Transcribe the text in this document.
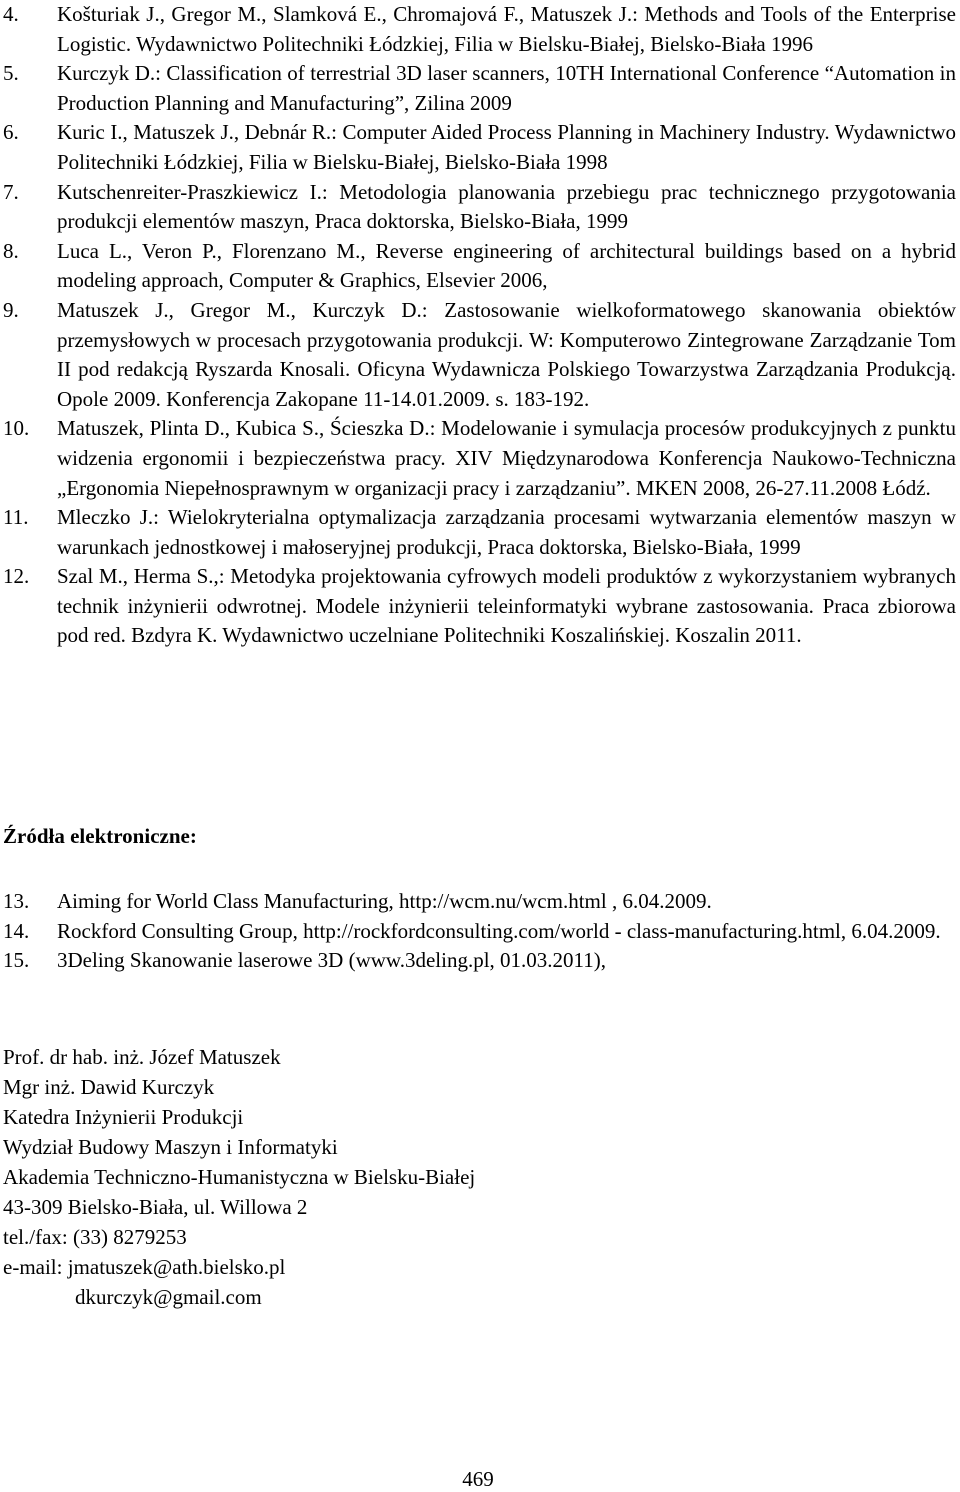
4. Košturiak J., Gregor M., Slamková E., Chromajová F., Matuszek J.: Methods and Tools of the Enterprise Logistic. Wydawnictwo Politechniki Łódzkiej, Filia w Bielsku-Białej, Bielsko-Biała 1996
5. Kurczyk D.: Classification of terrestrial 3D laser scanners, 10TH International Conference “Automation in Production Planning and Manufacturing”, Zilina 2009
6. Kuric I., Matuszek J., Debnár R.: Computer Aided Process Planning in Machinery Industry. Wydawnictwo Politechniki Łódzkiej, Filia w Bielsku-Białej, Bielsko-Biała 1998
7. Kutschenreiter-Praszkiewicz I.: Metodologia planowania przebiegu prac technicznego przygotowania produkcji elementów maszyn, Praca doktorska, Bielsko-Biała, 1999
8. Luca L., Veron P., Florenzano M., Reverse engineering of architectural buildings based on a hybrid modeling approach, Computer & Graphics, Elsevier 2006,
9. Matuszek J., Gregor M., Kurczyk D.: Zastosowanie wielkoformatowego skanowania obiektów przemysłowych w procesach przygotowania produkcji. W: Komputerowo Zintegrowane Zarządzanie Tom II pod redakcją Ryszarda Knosali. Oficyna Wydawnicza Polskiego Towarzystwa Zarządzania Produkcją. Opole 2009. Konferencja Zakopane 11-14.01.2009. s. 183-192.
10. Matuszek, Plinta D., Kubica S., Ścieszka D.: Modelowanie i symulacja procesów produkcyjnych z punktu widzenia ergonomii i bezpieczeństwa pracy. XIV Międzynarodowa Konferencja Naukowo-Techniczna „Ergonomia Niepełnosprawnym w organizacji pracy i zarządzaniu”. MKEN 2008, 26-27.11.2008 Łódź.
11. Mleczko J.: Wielokryterialna optymalizacja zarządzania procesami wytwarzania elementów maszyn w warunkach jednostkowej i małoseryjnej produkcji, Praca doktorska, Bielsko-Biała, 1999
12. Szal M., Herma S.,: Metodyka projektowania cyfrowych modeli produktów z wykorzystaniem wybranych technik inżynierii odwrotnej. Modele inżynierii teleinformatyki wybrane zastosowania. Praca zbiorowa pod red. Bzdyra K. Wydawnictwo uczelniane Politechniki Koszalińskiej. Koszalin 2011.
Źródła elektroniczne:
13. Aiming for World Class Manufacturing, http://wcm.nu/wcm.html , 6.04.2009.
14. Rockford Consulting Group, http://rockfordconsulting.com/world - class-manufacturing.html, 6.04.2009.
15. 3Deling Skanowanie laserowe 3D (www.3deling.pl, 01.03.2011),
Prof. dr hab. inż. Józef Matuszek
Mgr inż. Dawid Kurczyk
Katedra Inżynierii Produkcji
Wydział Budowy Maszyn i Informatyki
Akademia Techniczno-Humanistyczna w Bielsku-Białej
43-309 Bielsko-Biała, ul. Willowa 2
tel./fax: (33) 8279253
e-mail: jmatuszek@ath.bielsko.pl
dkurczyk@gmail.com
469
